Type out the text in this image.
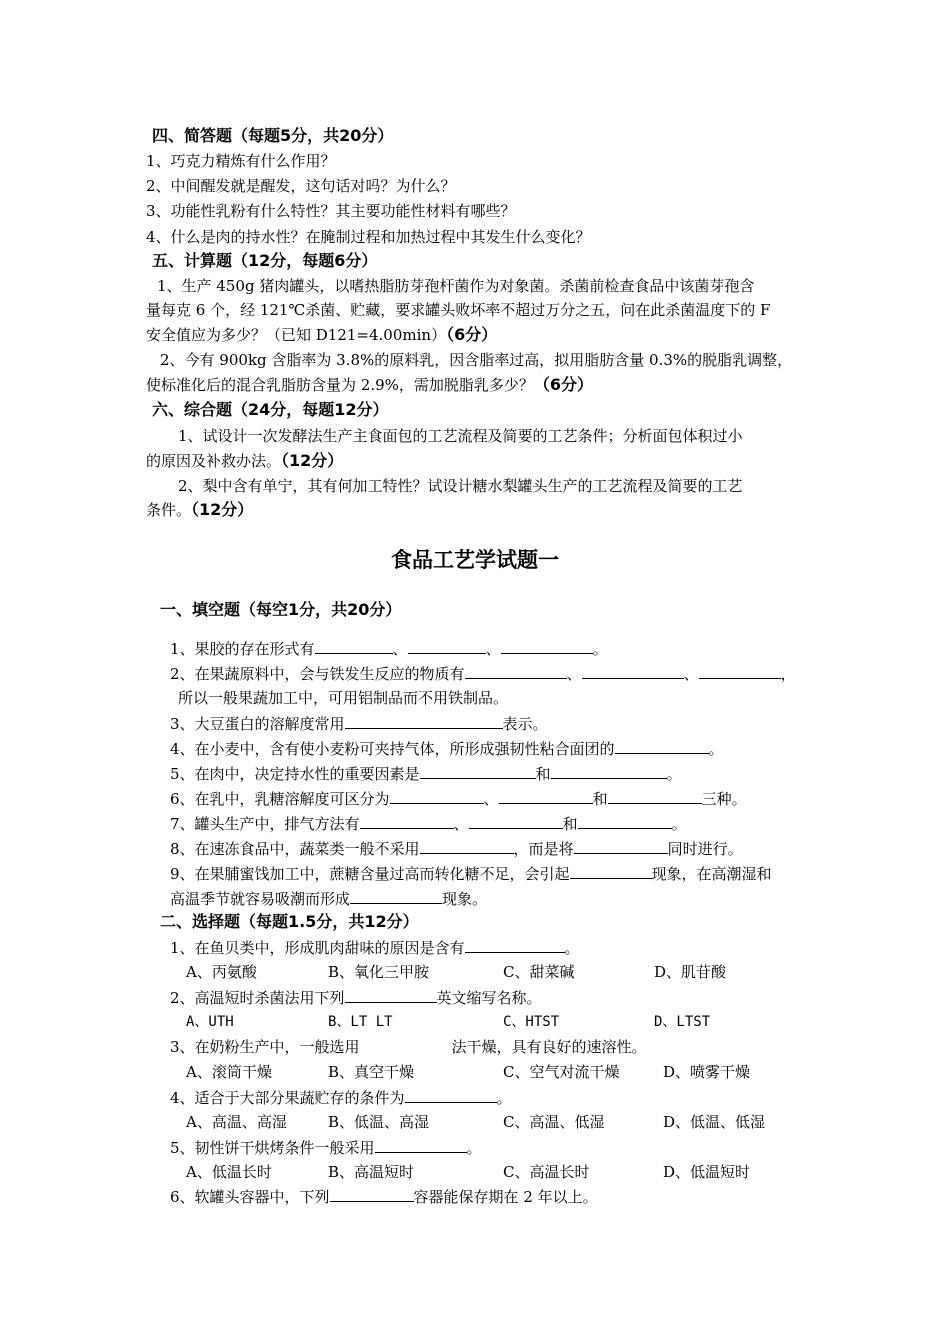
四、简答题（每题5分，共20分）
1、巧克力精炼有什么作用？
2、中间醒发就是醒发，这句话对吗？为什么？
3、功能性乳粉有什么特性？其主要功能性材料有哪些？
4、什么是肉的持水性？在腌制过程和加热过程中其发生什么变化？
五、计算题（12分，每题6分）
1、生产 450g 猪肉罐头，以嗜热脂肪芽孢杆菌作为对象菌。杀菌前检查食品中该菌芽孢含
量每克 6 个，经 121℃杀菌、贮藏，要求罐头败坏率不超过万分之五，问在此杀菌温度下的 F
安全值应为多少？（已知 D121=4.00min）（6分）
2、今有 900kg 含脂率为 3.8%的原料乳，因含脂率过高，拟用脂肪含量 0.3%的脱脂乳调整，
使标准化后的混合乳脂肪含量为 2.9%，需加脱脂乳多少？（6分）
六、综合题（24分，每题12分）
1、试设计一次发酵法生产主食面包的工艺流程及简要的工艺条件；分析面包体积过小
的原因及补救办法。（12分）
2、梨中含有单宁，其有何加工特性？试设计糖水梨罐头生产的工艺流程及简要的工艺
条件。（12分）
食品工艺学试题一
一、填空题（每空1分，共20分）
1、果胶的存在形式有	、	、	。
2、在果蔬原料中，会与铁发生反应的物质有	、	、	，
所以一般果蔬加工中，可用铝制品而不用铁制品。
3、大豆蛋白的溶解度常用	表示。
4、在小麦中，含有使小麦粉可夹持气体，所形成强韧性粘合面团的	。
5、在肉中，决定持水性的重要因素是	和	。
6、在乳中，乳糖溶解度可区分为	、	和	三种。
7、罐头生产中，排气方法有	、	和	。
8、在速冻食品中，蔬菜类一般不采用	，而是将	同时进行。
9、在果脯蜜饯加工中，蔗糖含量过高而转化糖不足，会引起	现象，在高潮湿和
高温季节就容易吸潮而形成	现象。
二、选择题（每题1.5分，共12分）
1、在鱼贝类中，形成肌肉甜味的原因是含有	。
A、丙氨酸	B、氧化三甲胺	C、甜菜碱	D、肌苷酸
2、高温短时杀菌法用下列	英文缩写名称。
A、UTH	B、LT LT	C、HTST	D、LTST
3、在奶粉生产中，一般选用	法干燥，具有良好的速溶性。
A、滚筒干燥	B、真空干燥	C、空气对流干燥	D、喷雾干燥
4、适合于大部分果蔬贮存的条件为	。
A、高温、高湿	B、低温、高湿	C、高温、低湿	D、低温、低湿
5、韧性饼干烘烤条件一般采用	。
A、低温长时	B、高温短时	C、高温长时	D、低温短时
6、软罐头容器中，下列	容器能保存期在 2 年以上。
